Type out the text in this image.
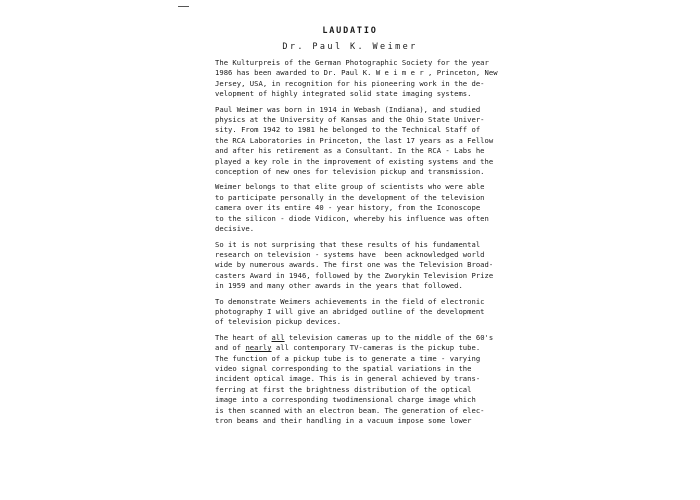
LAUDATIO
Dr. Paul K. Weimer
The Kulturpreis of the German Photographic Society for the year
1986 has been awarded to Dr. Paul K. W e i m e r , Princeton, New
Jersey, USA, in recognition for his pioneering work in the de-
velopment of highly integrated solid state imaging systems.
Paul Weimer was born in 1914 in Webash (Indiana), and studied
physics at the University of Kansas and the Ohio State Univer-
sity. From 1942 to 1981 he belonged to the Technical Staff of
the RCA Laboratories in Princeton, the last 17 years as a Fellow
and after his retirement as a Consultant. In the RCA - Labs he
played a key role in the improvement of existing systems and the
conception of new ones for television pickup and transmission.
Weimer belongs to that elite group of scientists who were able
to participate personally in the development of the television
camera over its entire 40 - year history, from the Iconoscope
to the silicon - diode Vidicon, whereby his influence was often
decisive.
So it is not surprising that these results of his fundamental
research on television - systems have  been acknowledged world
wide by numerous awards. The first one was the Television Broad-
casters Award in 1946, followed by the Zworykin Television Prize
in 1959 and many other awards in the years that followed.
To demonstrate Weimers achievements in the field of electronic
photography I will give an abridged outline of the development
of television pickup devices.
The heart of all television cameras up to the middle of the 60's
and of nearly all contemporary TV-cameras is the pickup tube.
The function of a pickup tube is to generate a time - varying
video signal corresponding to the spatial variations in the
incident optical image. This is in general achieved by trans-
ferring at first the brightness distribution of the optical
image into a corresponding twodimensional charge image which
is then scanned with an electron beam. The generation of elec-
tron beams and their handling in a vacuum impose some lower
